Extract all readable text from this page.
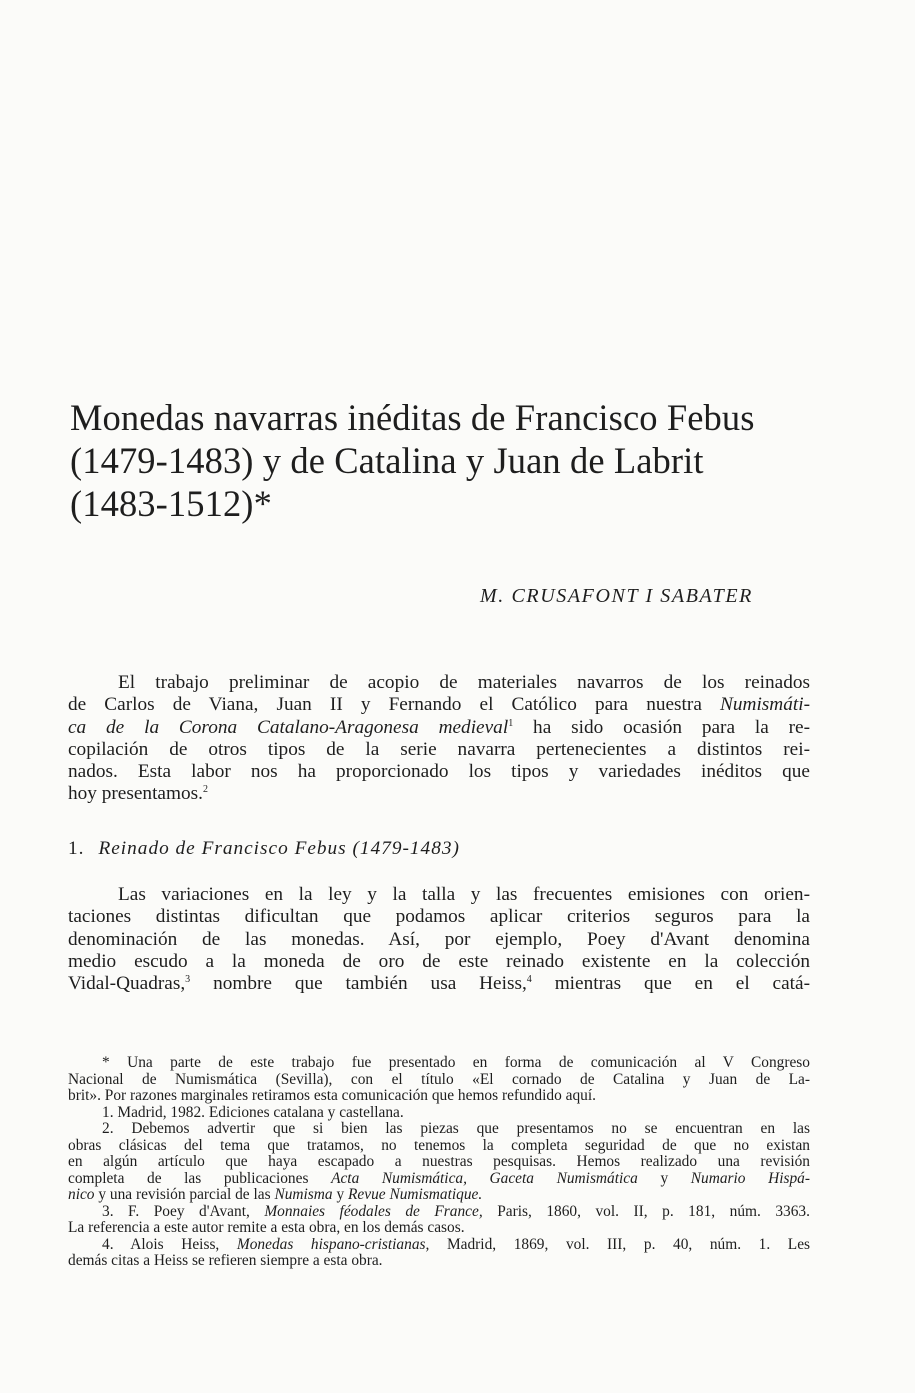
Monedas navarras inéditas de Francisco Febus
(1479-1483) y de Catalina y Juan de Labrit
(1483-1512)*
M. CRUSAFONT I SABATER

El trabajo preliminar de acopio de materiales navarros de los reinados
de Carlos de Viana, Juan II y Fernando el Católico para nuestra Numismáti-
ca de la Corona Catalano-Aragonesa medieval$^1$ ha sido ocasión para la re-
copilación de otros tipos de la serie navarra pertenecientes a distintos rei-
nados. Esta labor nos ha proporcionado los tipos y variedades inéditos que
hoy presentamos.$^2$

1. Reinado de Francisco Febus (1479-1483)

Las variaciones en la ley y la talla y las frecuentes emisiones con orien-
taciones distintas dificultan que podamos aplicar criterios seguros para la
denominación de las monedas. Así, por ejemplo, Poey d'Avant denomina
medio escudo a la moneda de oro de este reinado existente en la colección
Vidal-Quadras,$^3$ nombre que también usa Heiss,$^4$ mientras que en el catá-

* Una parte de este trabajo fue presentado en forma de comunicación al V Congreso
Nacional de Numismática (Sevilla), con el título «El cornado de Catalina y Juan de La-
brit». Por razones marginales retiramos esta comunicación que hemos refundido aquí.
1. Madrid, 1982. Ediciones catalana y castellana.
2. Debemos advertir que si bien las piezas que presentamos no se encuentran en las
obras clásicas del tema que tratamos, no tenemos la completa seguridad de que no existan
en algún artículo que haya escapado a nuestras pesquisas. Hemos realizado una revisión
completa de las publicaciones Acta Numismática, Gaceta Numismática y Numario Hispá-
nico y una revisión parcial de las Numisma y Revue Numismatique.
3. F. Poey d'Avant, Monnaies féodales de France, Paris, 1860, vol. II, p. 181, núm. 3363.
La referencia a este autor remite a esta obra, en los demás casos.
4. Alois Heiss, Monedas hispano-cristianas, Madrid, 1869, vol. III, p. 40, núm. 1. Les
demás citas a Heiss se refieren siempre a esta obra.
